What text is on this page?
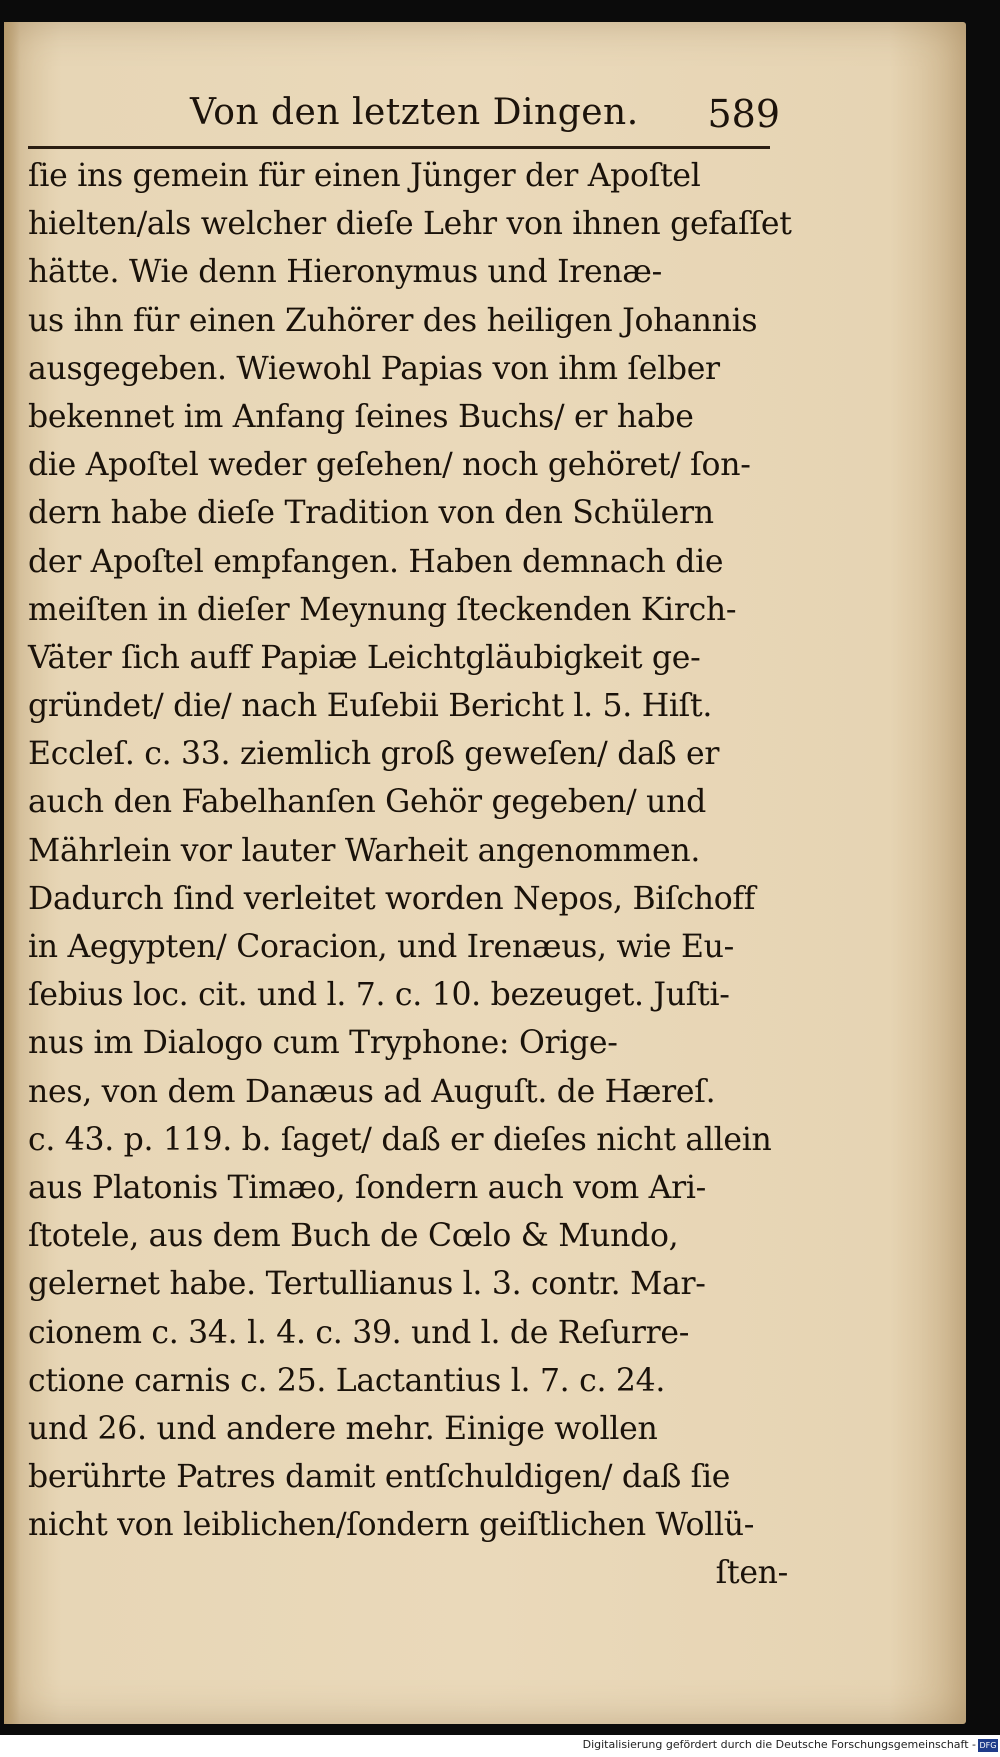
Von den letzten Dingen. 589
ſie ins gemein für einen Jünger der Apoſtel
hielten/als welcher dieſe Lehr von ihnen gefaſſet
hätte. Wie denn Hieronymus und Irenæ-
us ihn für einen Zuhörer des heiligen Johannis
ausgegeben. Wiewohl Papias von ihm ſelber
bekennet im Anfang ſeines Buchs/ er habe
die Apoſtel weder geſehen/ noch gehöret/ ſon-
dern habe dieſe Tradition von den Schülern
der Apoſtel empfangen. Haben demnach die
meiſten in dieſer Meynung ſteckenden Kirch-
Väter ſich auff Papiæ Leichtgläubigkeit ge-
gründet/ die/ nach Euſebii Bericht l. 5. Hiſt.
Eccleſ. c. 33. ziemlich groß geweſen/ daß er
auch den Fabelhanſen Gehör gegeben/ und
Mährlein vor lauter Warheit angenommen.
Dadurch ſind verleitet worden Nepos, Biſchoff
in Aegypten/ Coracion, und Irenæus, wie Eu-
ſebius loc. cit. und l. 7. c. 10. bezeuget. Juſti-
nus im Dialogo cum Tryphone: Orige-
nes, von dem Danæus ad Auguſt. de Hæreſ.
c. 43. p. 119. b. ſaget/ daß er dieſes nicht allein
aus Platonis Timæo, ſondern auch vom Ari-
ſtotele, aus dem Buch de Cœlo & Mundo,
gelernet habe. Tertullianus l. 3. contr. Mar-
cionem c. 34. l. 4. c. 39. und l. de Reſurre-
ctione carnis c. 25. Lactantius l. 7. c. 24.
und 26. und andere mehr. Einige wollen
berührte Patres damit entſchuldigen/ daß ſie
nicht von leiblichen/ſondern geiſtlichen Wollü-
ſten-
Digitalisierung gefördert durch die Deutsche Forschungsgemeinschaft - DFG
